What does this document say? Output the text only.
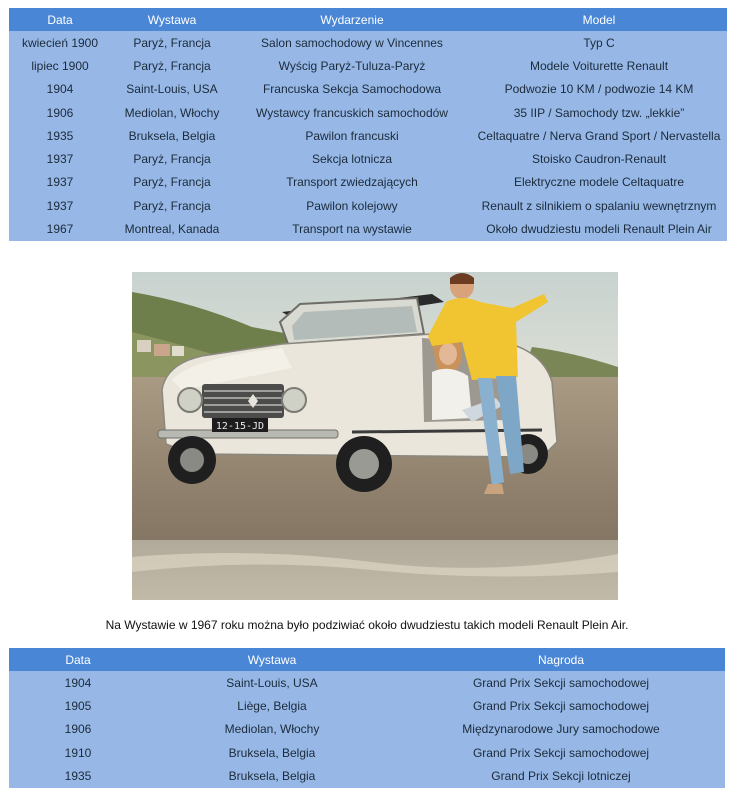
Data	Wystawa	Wydarzenie	Model
kwiecień 1900	Paryż, Francja	Salon samochodowy w Vincennes	Typ C
lipiec 1900	Paryż, Francja	Wyścig Paryż-Tuluza-Paryż	Modele Voiturette Renault
1904	Saint-Louis, USA	Francuska Sekcja Samochodowa	Podwozie 10 KM / podwozie 14 KM
1906	Mediolan, Włochy	Wystawcy francuskich samochodów	35 IIP / Samochody tzw. „lekkie”
1935	Bruksela, Belgia	Pawilon francuski	Celtaquatre / Nerva Grand Sport / Nervastella
1937	Paryż, Francja	Sekcja lotnicza	Stoisko Caudron-Renault
1937	Paryż, Francja	Transport zwiedzających	Elektryczne modele Celtaquatre
1937	Paryż, Francja	Pawilon kolejowy	Renault z silnikiem o spalaniu wewnętrznym
1967	Montreal, Kanada	Transport na wystawie	Około dwudziestu modeli Renault Plein Air
12-15-JD
Na Wystawie w 1967 roku można było podziwiać około dwudziestu takich modeli Renault Plein Air.
Data	Wystawa	Nagroda
1904	Saint-Louis, USA	Grand Prix Sekcji samochodowej
1905	Liège, Belgia	Grand Prix Sekcji samochodowej
1906	Mediolan, Włochy	Międzynarodowe Jury samochodowe
1910	Bruksela, Belgia	Grand Prix Sekcji samochodowej
1935	Bruksela, Belgia	Grand Prix Sekcji lotniczej
